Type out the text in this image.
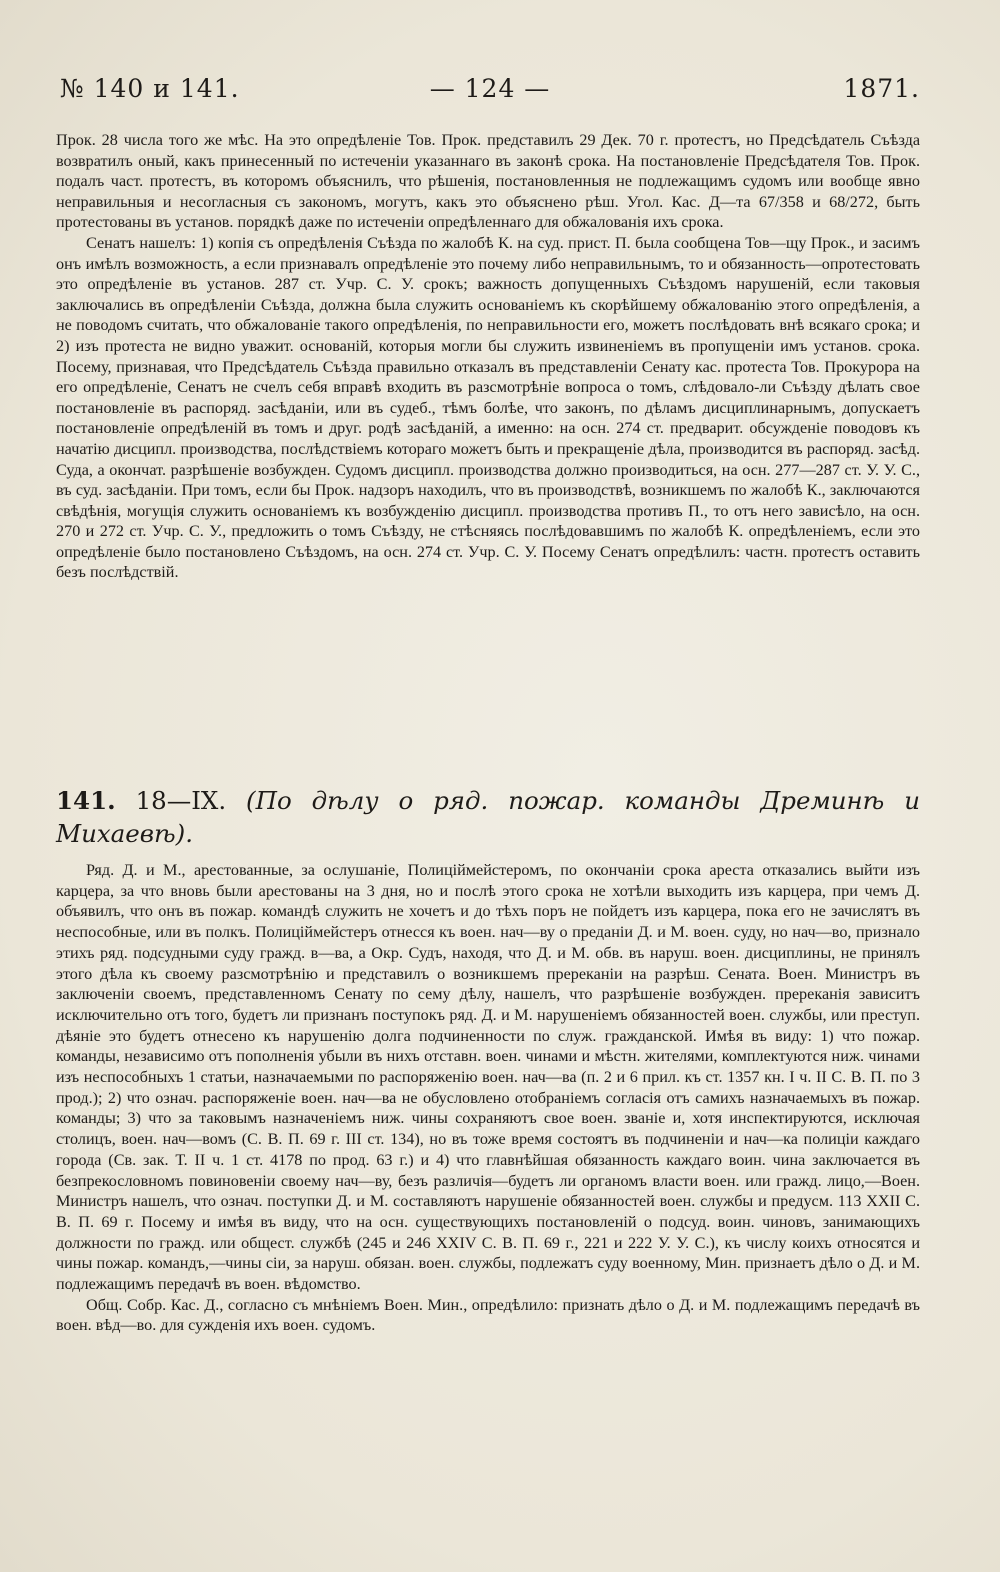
№ 140 и 141.	— 124 —	1871.

Прок. 28 числа того же мѣс. На это опредѣленіе Тов. Прок. представилъ 29 Дек. 70 г. протестъ, но Предсѣдатель Съѣзда возвратилъ оный, какъ принесенный по истеченіи указаннаго въ законѣ срока. На постановленіе Предсѣдателя Тов. Прок. подалъ част. протестъ, въ которомъ объяснилъ, что рѣшенія, постановленныя не подлежащимъ судомъ или вообще явно неправильныя и несогласныя съ закономъ, могутъ, какъ это объяснено рѣш. Угол. Кас. Д—та 67/358 и 68/272, быть протестованы въ установ. порядкѣ даже по истеченіи опредѣленнаго для обжалованія ихъ срока.

Сенатъ нашелъ: 1) копія съ опредѣленія Съѣзда по жалобѣ К. на суд. прист. П. была сообщена Тов—щу Прок., и засимъ онъ имѣлъ возможность, а если признавалъ опредѣленіе это почему либо неправильнымъ, то и обязанность—опротестовать это опредѣленіе въ установ. 287 ст. Учр. С. У. срокъ; важность допущенныхъ Съѣздомъ нарушеній, если таковыя заключались въ опредѣленіи Съѣзда, должна была служить основаніемъ къ скорѣйшему обжалованію этого опредѣленія, а не поводомъ считать, что обжалованіе такого опредѣленія, по неправильности его, можетъ послѣдовать внѣ всякаго срока; и 2) изъ протеста не видно уважит. основаній, которыя могли бы служить извиненіемъ въ пропущеніи имъ установ. срока. Посему, признавая, что Предсѣдатель Съѣзда правильно отказалъ въ представленіи Сенату кас. протеста Тов. Прокурора на его опредѣленіе, Сенатъ не счелъ себя вправѣ входить въ разсмотрѣніе вопроса о томъ, слѣдовало-ли Съѣзду дѣлать свое постановленіе въ распоряд. засѣданіи, или въ судеб., тѣмъ болѣе, что законъ, по дѣламъ дисциплинарнымъ, допускаетъ постановленіе опредѣленій въ томъ и друг. родѣ засѣданій, а именно: на осн. 274 ст. предварит. обсужденіе поводовъ къ начатію дисципл. производства, послѣдствіемъ котораго можетъ быть и прекращеніе дѣла, производится въ распоряд. засѣд. Суда, а окончат. разрѣшеніе возбужден. Судомъ дисципл. производства должно производиться, на осн. 277—287 ст. У. У. С., въ суд. засѣданіи. При томъ, если бы Прок. надзоръ находилъ, что въ производствѣ, возникшемъ по жалобѣ К., заключаются свѣдѣнія, могущія служить основаніемъ къ возбужденію дисципл. производства противъ П., то отъ него зависѣло, на осн. 270 и 272 ст. Учр. С. У., предложить о томъ Съѣзду, не стѣсняясь послѣдовавшимъ по жалобѣ К. опредѣленіемъ, если это опредѣленіе было постановлено Съѣздомъ, на осн. 274 ст. Учр. С. У. Посему Сенатъ опредѣлилъ: частн. протестъ оставить безъ послѣдствій.

141. 18—IX. (По дѣлу о ряд. пожар. команды Дреминѣ и Михаевѣ).

Ряд. Д. и М., арестованные, за ослушаніе, Полиціймейстеромъ, по окончаніи срока ареста отказались выйти изъ карцера, за что вновь были арестованы на 3 дня, но и послѣ этого срока не хотѣли выходить изъ карцера, при чемъ Д. объявилъ, что онъ въ пожар. командѣ служить не хочетъ и до тѣхъ поръ не пойдетъ изъ карцера, пока его не зачислятъ въ неспособные, или въ полкъ. Полиціймейстеръ отнесся къ воен. нач—ву о преданіи Д. и М. воен. суду, но нач—во, признало этихъ ряд. подсудными суду гражд. в—ва, а Окр. Судъ, находя, что Д. и М. обв. въ наруш. воен. дисциплины, не принялъ этого дѣла къ своему разсмотрѣнію и представилъ о возникшемъ пререканіи на разрѣш. Сената. Воен. Министръ въ заключеніи своемъ, представленномъ Сенату по сему дѣлу, нашелъ, что разрѣшеніе возбужден. пререканія зависитъ исключительно отъ того, будетъ ли признанъ поступокъ ряд. Д. и М. нарушеніемъ обязанностей воен. службы, или преступ. дѣяніе это будетъ отнесено къ нарушенію долга подчиненности по служ. гражданской. Имѣя въ виду: 1) что пожар. команды, независимо отъ пополненія убыли въ нихъ отставн. воен. чинами и мѣстн. жителями, комплектуются ниж. чинами изъ неспособныхъ 1 статьи, назначаемыми по распоряженію воен. нач—ва (п. 2 и 6 прил. къ ст. 1357 кн. I ч. II С. В. П. по 3 прод.); 2) что означ. распоряженіе воен. нач—ва не обусловлено отобраніемъ согласія отъ самихъ назначаемыхъ въ пожар. команды; 3) что за таковымъ назначеніемъ ниж. чины сохраняютъ свое воен. званіе и, хотя инспектируются, исключая столицъ, воен. нач—вомъ (С. В. П. 69 г. III ст. 134), но въ тоже время состоятъ въ подчиненіи и нач—ка полиціи каждаго города (Св. зак. Т. II ч. 1 ст. 4178 по прод. 63 г.) и 4) что главнѣйшая обязанность каждаго воин. чина заключается въ безпрекословномъ повиновеніи своему нач—ву, безъ различія—будетъ ли органомъ власти воен. или гражд. лицо,—Воен. Министръ нашелъ, что означ. поступки Д. и М. составляютъ нарушеніе обязанностей воен. службы и предусм. 113 XXII С. В. П. 69 г. Посему и имѣя въ виду, что на осн. существующихъ постановленій о подсуд. воин. чиновъ, занимающихъ должности по гражд. или общест. службѣ (245 и 246 XXIV С. В. П. 69 г., 221 и 222 У. У. С.), къ числу коихъ относятся и чины пожар. командъ,—чины сіи, за наруш. обязан. воен. службы, подлежатъ суду военному, Мин. признаетъ дѣло о Д. и М. подлежащимъ передачѣ въ воен. вѣдомство.

Общ. Собр. Кас. Д., согласно съ мнѣніемъ Воен. Мин., опредѣлило: признать дѣло о Д. и М. подлежащимъ передачѣ въ воен. вѣд—во. для сужденія ихъ воен. судомъ.
